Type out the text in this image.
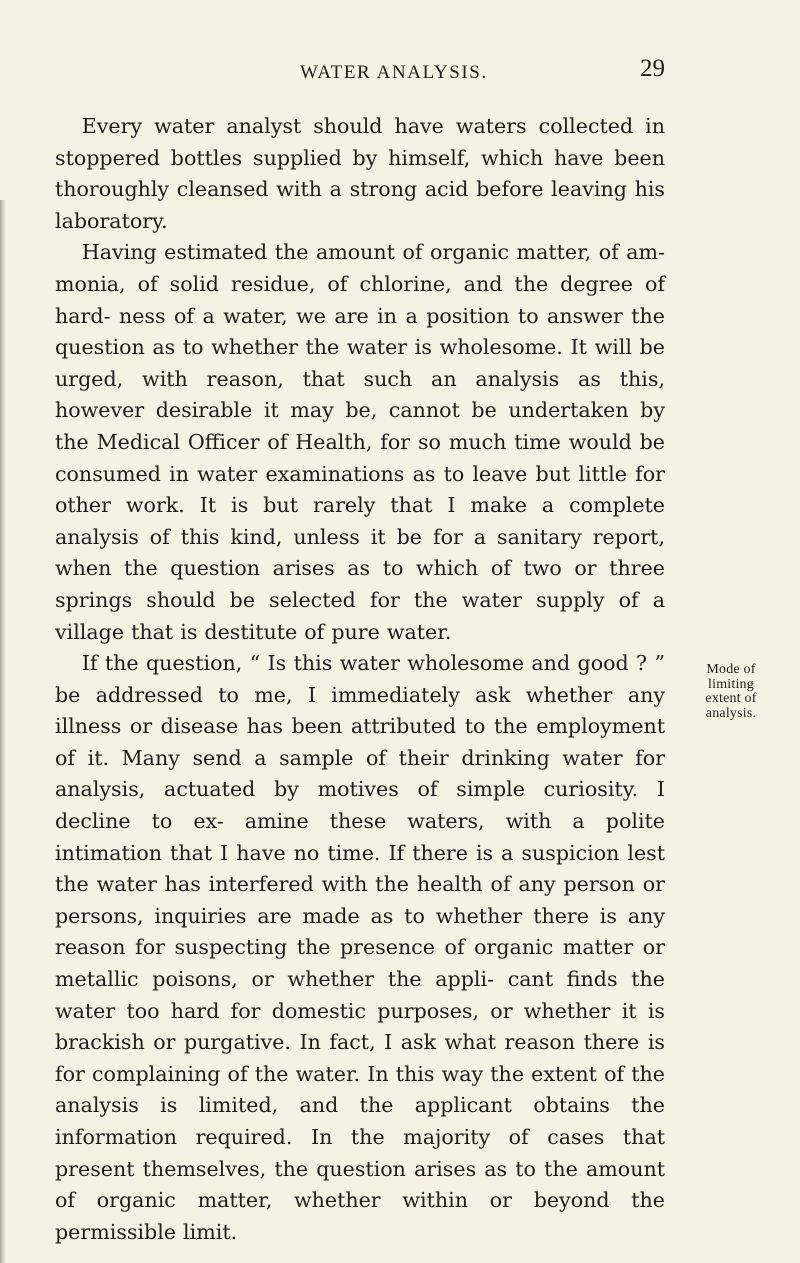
WATER ANALYSIS.	29

Every water analyst should have waters collected in stoppered bottles supplied by himself, which have been thoroughly cleansed with a strong acid before leaving his laboratory.

Having estimated the amount of organic matter, of am- monia, of solid residue, of chlorine, and the degree of hard- ness of a water, we are in a position to answer the question as to whether the water is wholesome. It will be urged, with reason, that such an analysis as this, however desirable it may be, cannot be undertaken by the Medical Officer of Health, for so much time would be consumed in water examinations as to leave but little for other work. It is but rarely that I make a complete analysis of this kind, unless it be for a sanitary report, when the question arises as to which of two or three springs should be selected for the water supply of a village that is destitute of pure water.

If the question, “ Is this water wholesome and good ? ” be addressed to me, I immediately ask whether any illness or disease has been attributed to the employment of it. Many send a sample of their drinking water for analysis, actuated by motives of simple curiosity. I decline to ex- amine these waters, with a polite intimation that I have no time. If there is a suspicion lest the water has interfered with the health of any person or persons, inquiries are made as to whether there is any reason for suspecting the presence of organic matter or metallic poisons, or whether the appli- cant finds the water too hard for domestic purposes, or whether it is brackish or purgative. In fact, I ask what reason there is for complaining of the water. In this way the extent of the analysis is limited, and the applicant obtains the information required. In the majority of cases that present themselves, the question arises as to the amount of organic matter, whether within or beyond the permissible limit.

Mode of
limiting
extent of
analysis.
